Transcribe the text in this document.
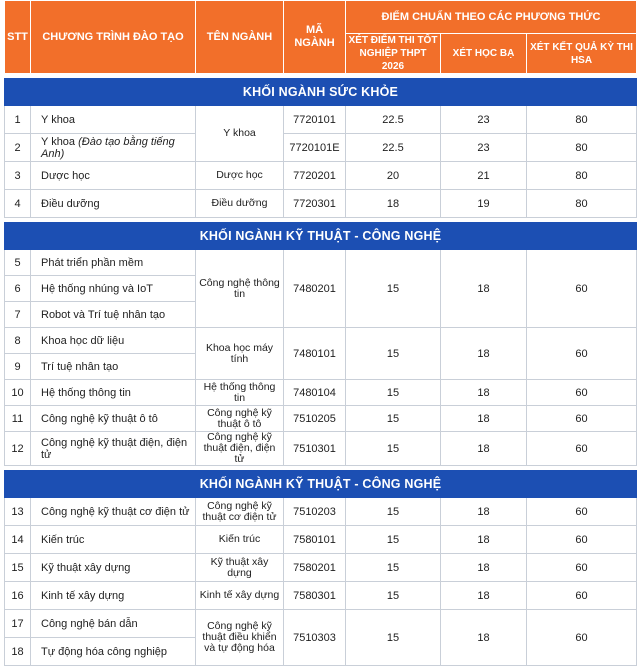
STT	CHƯƠNG TRÌNH ĐÀO TẠO	TÊN NGÀNH	MÃ NGÀNH	ĐIỂM CHUẨN THEO CÁC PHƯƠNG THỨC		
				XÉT ĐIỂM THI TỐT NGHIỆP THPT 2026	XÉT HỌC BẠ	XÉT KẾT QUẢ KỲ THI HSA

KHỐI NGÀNH SỨC KHỎE						
1	Y khoa	Y khoa	7720101	22.5	23	80
2	Y khoa (Đào tạo bằng tiếng Anh)		7720101E	22.5	23	80
3	Dược học	Dược học	7720201	20	21	80
4	Điều dưỡng	Điều dưỡng	7720301	18	19	80

KHỐI NGÀNH KỸ THUẬT - CÔNG NGHỆ						
5	Phát triển phần mềm	Công nghệ thông tin	7480201	15	18	60
6	Hệ thống nhúng và IoT					
7	Robot và Trí tuệ nhân tạo					
8	Khoa học dữ liệu	Khoa học máy tính	7480101	15	18	60
9	Trí tuệ nhân tạo					
10	Hệ thống thông tin	Hệ thống thông tin	7480104	15	18	60
11	Công nghệ kỹ thuật ô tô	Công nghệ kỹ thuật ô tô	7510205	15	18	60
12	Công nghệ kỹ thuật điện, điện tử	Công nghệ kỹ thuật điện, điện tử	7510301	15	18	60

KHỐI NGÀNH KỸ THUẬT - CÔNG NGHỆ						
13	Công nghệ kỹ thuật cơ điện tử	Công nghệ kỹ thuật cơ điện tử	7510203	15	18	60
14	Kiến trúc	Kiến trúc	7580101	15	18	60
15	Kỹ thuật xây dựng	Kỹ thuật xây dựng	7580201	15	18	60
16	Kinh tế xây dựng	Kinh tế xây dựng	7580301	15	18	60
17	Công nghệ bán dẫn	Công nghệ kỹ thuật điều khiển và tự động hóa	7510303	15	18	60
18	Tự động hóa công nghiệp					
